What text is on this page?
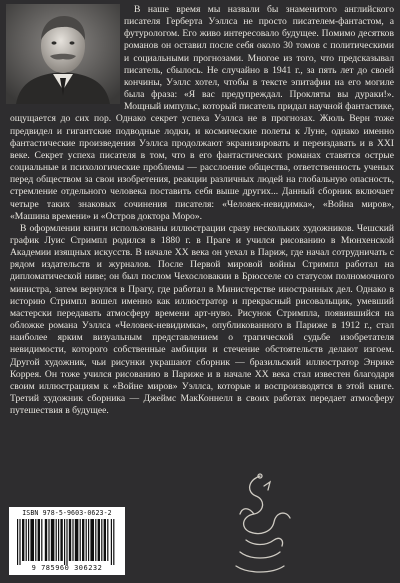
В наше время мы назвали бы знаменитого английского писателя Герберта Уэллса не просто писателем-фантастом, а футурологом. Его живо интересовало будущее. Помимо десятков романов он оставил после себя около 30 томов с политическими и социальными прогнозами. Многое из того, что предсказывал писатель, сбылось. Не случайно в 1941 г., за пять лет до своей кончины, Уэллс хотел, чтобы в тексте эпитафии на его могиле была фраза: «Я вас предупреждал. Прокляты вы дураки!». Мощный импульс, который писатель придал научной фантастике, ощущается до сих пор. Однако секрет успеха Уэллса не в прогнозах. Жюль Верн тоже предвидел и гигантские подводные лодки, и космические полеты к Луне, однако именно фантастические произведения Уэллса продолжают экранизировать и переиздавать и в XXI веке. Секрет успеха писателя в том, что в его фантастических романах ставятся острые социальные и психологические проблемы — расслоение общества, ответственность ученых перед обществом за свои изобретения, реакции различных людей на глобальную опасность, стремление отдельного человека поставить себя выше других... Данный сборник включает четыре таких знаковых сочинения писателя: «Человек-невидимка», «Война миров», «Машина времени» и «Остров доктора Моро».

В оформлении книги использованы иллюстрации сразу нескольких художников. Чешский график Луис Стримпл родился в 1880 г. в Праге и учился рисованию в Мюнхенской Академии изящных искусств. В начале XX века он уехал в Париж, где начал сотрудничать с рядом издательств и журналов. После Первой мировой войны Стримпл работал на дипломатической ниве; он был послом Чехословакии в Брюсселе со статусом полномочного министра, затем вернулся в Прагу, где работал в Министерстве иностранных дел. Однако в историю Стримпл вошел именно как иллюстратор и прекрасный рисовальщик, умевший мастерски передавать атмосферу времени арт-нуво. Рисунок Стримпла, появившийся на обложке романа Уэллса «Человек-невидимка», опубликованного в Париже в 1912 г., стал наиболее ярким визуальным представлением о трагической судьбе изобретателя невидимости, которого собственные амбиции и стечение обстоятельств делают изгоем. Другой художник, чьи рисунки украшают сборник — бразильский иллюстратор Энрике Коррея. Он тоже учился рисованию в Париже и в начале XX века стал известен благодаря своим иллюстрациям к «Войне миров» Уэллса, которые и воспроизводятся в этой книге. Третий художник сборника — Джеймс МакКоннелл в своих работах передает атмосферу путешествия в будущее.

ISBN 978-5-9603-0623-2
9 785960 306232
